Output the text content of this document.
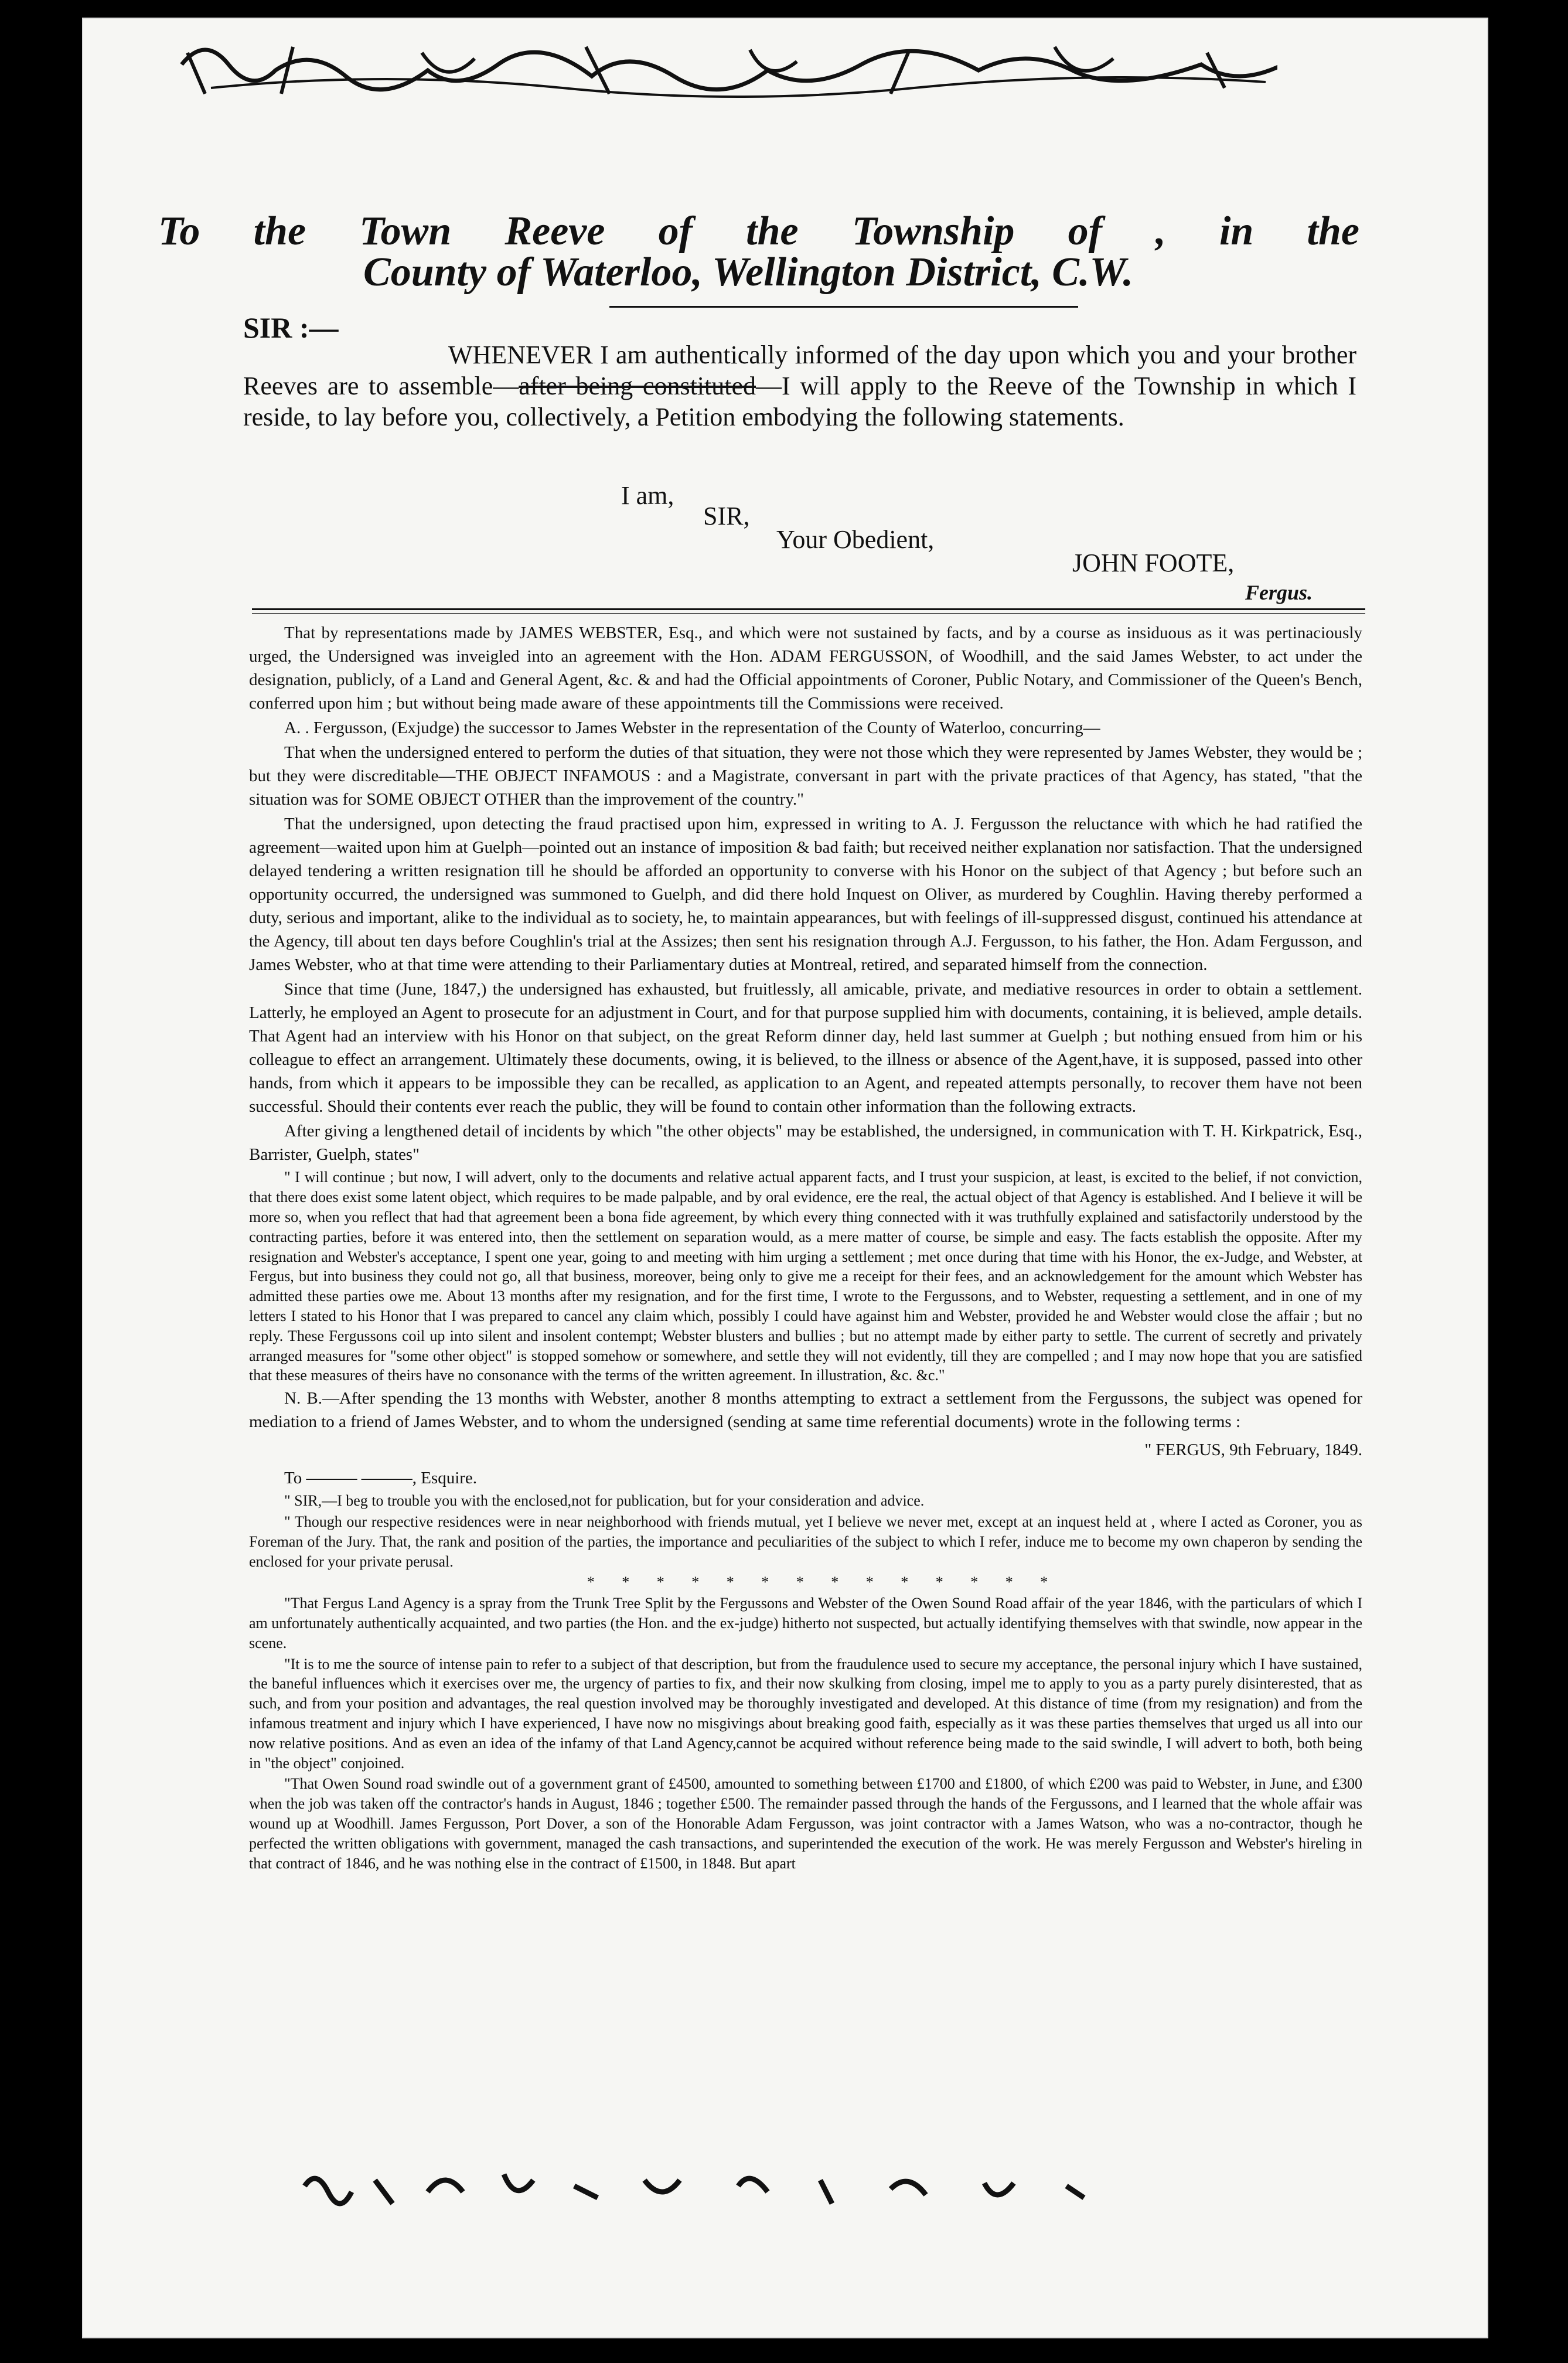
To the Town Reeve of the Township of , in the
County of Waterloo, Wellington District, C.W.
SIR :—
WHENEVER I am authentically informed of the day upon which you and your brother Reeves are to assemble—after being constituted—I will apply to the Reeve of the Township in which I reside, to lay before you, collectively, a Petition embodying the following statements.
I am,
SIR,
Your Obedient,
JOHN FOOTE,
Fergus.

That by representations made by JAMES WEBSTER, Esq., and which were not sustained by facts, and by a course as insiduous as it was pertinaciously urged, the Undersigned was inveigled into an agreement with the Hon. ADAM FERGUSSON, of Woodhill, and the said James Webster, to act under the designation, publicly, of a Land and General Agent, &c. & and had the Official appointments of Coroner, Public Notary, and Commissioner of the Queen's Bench, conferred upon him ; but without being made aware of these appointments till the Commissions were received.

A. . Fergusson, (Exjudge) the successor to James Webster in the representation of the County of Waterloo, concurring—

That when the undersigned entered to perform the duties of that situation, they were not those which they were represented by James Webster, they would be ; but they were discreditable—THE OBJECT INFAMOUS : and a Magistrate, conversant in part with the private practices of that Agency, has stated, "that the situation was for SOME OBJECT OTHER than the improvement of the country."

That the undersigned, upon detecting the fraud practised upon him, expressed in writing to A. J. Fergusson the reluctance with which he had ratified the agreement—waited upon him at Guelph—pointed out an instance of imposition & bad faith; but received neither explanation nor satisfaction. That the undersigned delayed tendering a written resignation till he should be afforded an opportunity to converse with his Honor on the subject of that Agency ; but before such an opportunity occurred, the undersigned was summoned to Guelph, and did there hold Inquest on Oliver, as murdered by Coughlin. Having thereby performed a duty, serious and important, alike to the individual as to society, he, to maintain appearances, but with feelings of ill-suppressed disgust, continued his attendance at the Agency, till about ten days before Coughlin's trial at the Assizes; then sent his resignation through A.J. Fergusson, to his father, the Hon. Adam Fergusson, and James Webster, who at that time were attending to their Parliamentary duties at Montreal, retired, and separated himself from the connection.

Since that time (June, 1847,) the undersigned has exhausted, but fruitlessly, all amicable, private, and mediative resources in order to obtain a settlement. Latterly, he employed an Agent to prosecute for an adjustment in Court, and for that purpose supplied him with documents, containing, it is believed, ample details. That Agent had an interview with his Honor on that subject, on the great Reform dinner day, held last summer at Guelph ; but nothing ensued from him or his colleague to effect an arrangement. Ultimately these documents, owing, it is believed, to the illness or absence of the Agent,have, it is supposed, passed into other hands, from which it appears to be impossible they can be recalled, as application to an Agent, and repeated attempts personally, to recover them have not been successful. Should their contents ever reach the public, they will be found to contain other information than the following extracts.

After giving a lengthened detail of incidents by which "the other objects" may be established, the undersigned, in communication with T. H. Kirkpatrick, Esq., Barrister, Guelph, states"

" I will continue ; but now, I will advert, only to the documents and relative actual apparent facts, and I trust your suspicion, at least, is excited to the belief, if not conviction, that there does exist some latent object, which requires to be made palpable, and by oral evidence, ere the real, the actual object of that Agency is established. And I believe it will be more so, when you reflect that had that agreement been a bona fide agreement, by which every thing connected with it was truthfully explained and satisfactorily understood by the contracting parties, before it was entered into, then the settlement on separation would, as a mere matter of course, be simple and easy. The facts establish the opposite. After my resignation and Webster's acceptance, I spent one year, going to and meeting with him urging a settlement ; met once during that time with his Honor, the ex-Judge, and Webster, at Fergus, but into business they could not go, all that business, moreover, being only to give me a receipt for their fees, and an acknowledgement for the amount which Webster has admitted these parties owe me. About 13 months after my resignation, and for the first time, I wrote to the Fergussons, and to Webster, requesting a settlement, and in one of my letters I stated to his Honor that I was prepared to cancel any claim which, possibly I could have against him and Webster, provided he and Webster would close the affair ; but no reply. These Fergussons coil up into silent and insolent contempt; Webster blusters and bullies ; but no attempt made by either party to settle. The current of secretly and privately arranged measures for "some other object" is stopped somehow or somewhere, and settle they will not evidently, till they are compelled ; and I may now hope that you are satisfied that these measures of theirs have no consonance with the terms of the written agreement. In illustration, &c. &c."

N. B.—After spending the 13 months with Webster, another 8 months attempting to extract a settlement from the Fergussons, the subject was opened for mediation to a friend of James Webster, and to whom the undersigned (sending at same time referential documents) wrote in the following terms :

" FERGUS, 9th February, 1849.

To ——— ———, Esquire.

" SIR,—I beg to trouble you with the enclosed,not for publication, but for your consideration and advice.

" Though our respective residences were in near neighborhood with friends mutual, yet I believe we never met, except at an inquest held at , where I acted as Coroner, you as Foreman of the Jury. That, the rank and position of the parties, the importance and peculiarities of the subject to which I refer, induce me to become my own chaperon by sending the enclosed for your private perusal.

* * * * * * * * * * * * * *

"That Fergus Land Agency is a spray from the Trunk Tree Split by the Fergussons and Webster of the Owen Sound Road affair of the year 1846, with the particulars of which I am unfortunately authentically acquainted, and two parties (the Hon. and the ex-judge) hitherto not suspected, but actually identifying themselves with that swindle, now appear in the scene.

"It is to me the source of intense pain to refer to a subject of that description, but from the fraudulence used to secure my acceptance, the personal injury which I have sustained, the baneful influences which it exercises over me, the urgency of parties to fix, and their now skulking from closing, impel me to apply to you as a party purely disinterested, that as such, and from your position and advantages, the real question involved may be thoroughly investigated and developed. At this distance of time (from my resignation) and from the infamous treatment and injury which I have experienced, I have now no misgivings about breaking good faith, especially as it was these parties themselves that urged us all into our now relative positions. And as even an idea of the infamy of that Land Agency,cannot be acquired without reference being made to the said swindle, I will advert to both, both being in "the object" conjoined.

"That Owen Sound road swindle out of a government grant of £4500, amounted to something between £1700 and £1800, of which £200 was paid to Webster, in June, and £300 when the job was taken off the contractor's hands in August, 1846 ; together £500. The remainder passed through the hands of the Fergussons, and I learned that the whole affair was wound up at Woodhill. James Fergusson, Port Dover, a son of the Honorable Adam Fergusson, was joint contractor with a James Watson, who was a no-contractor, though he perfected the written obligations with government, managed the cash transactions, and superintended the execution of the work. He was merely Fergusson and Webster's hireling in that contract of 1846, and he was nothing else in the contract of £1500, in 1848. But apart
